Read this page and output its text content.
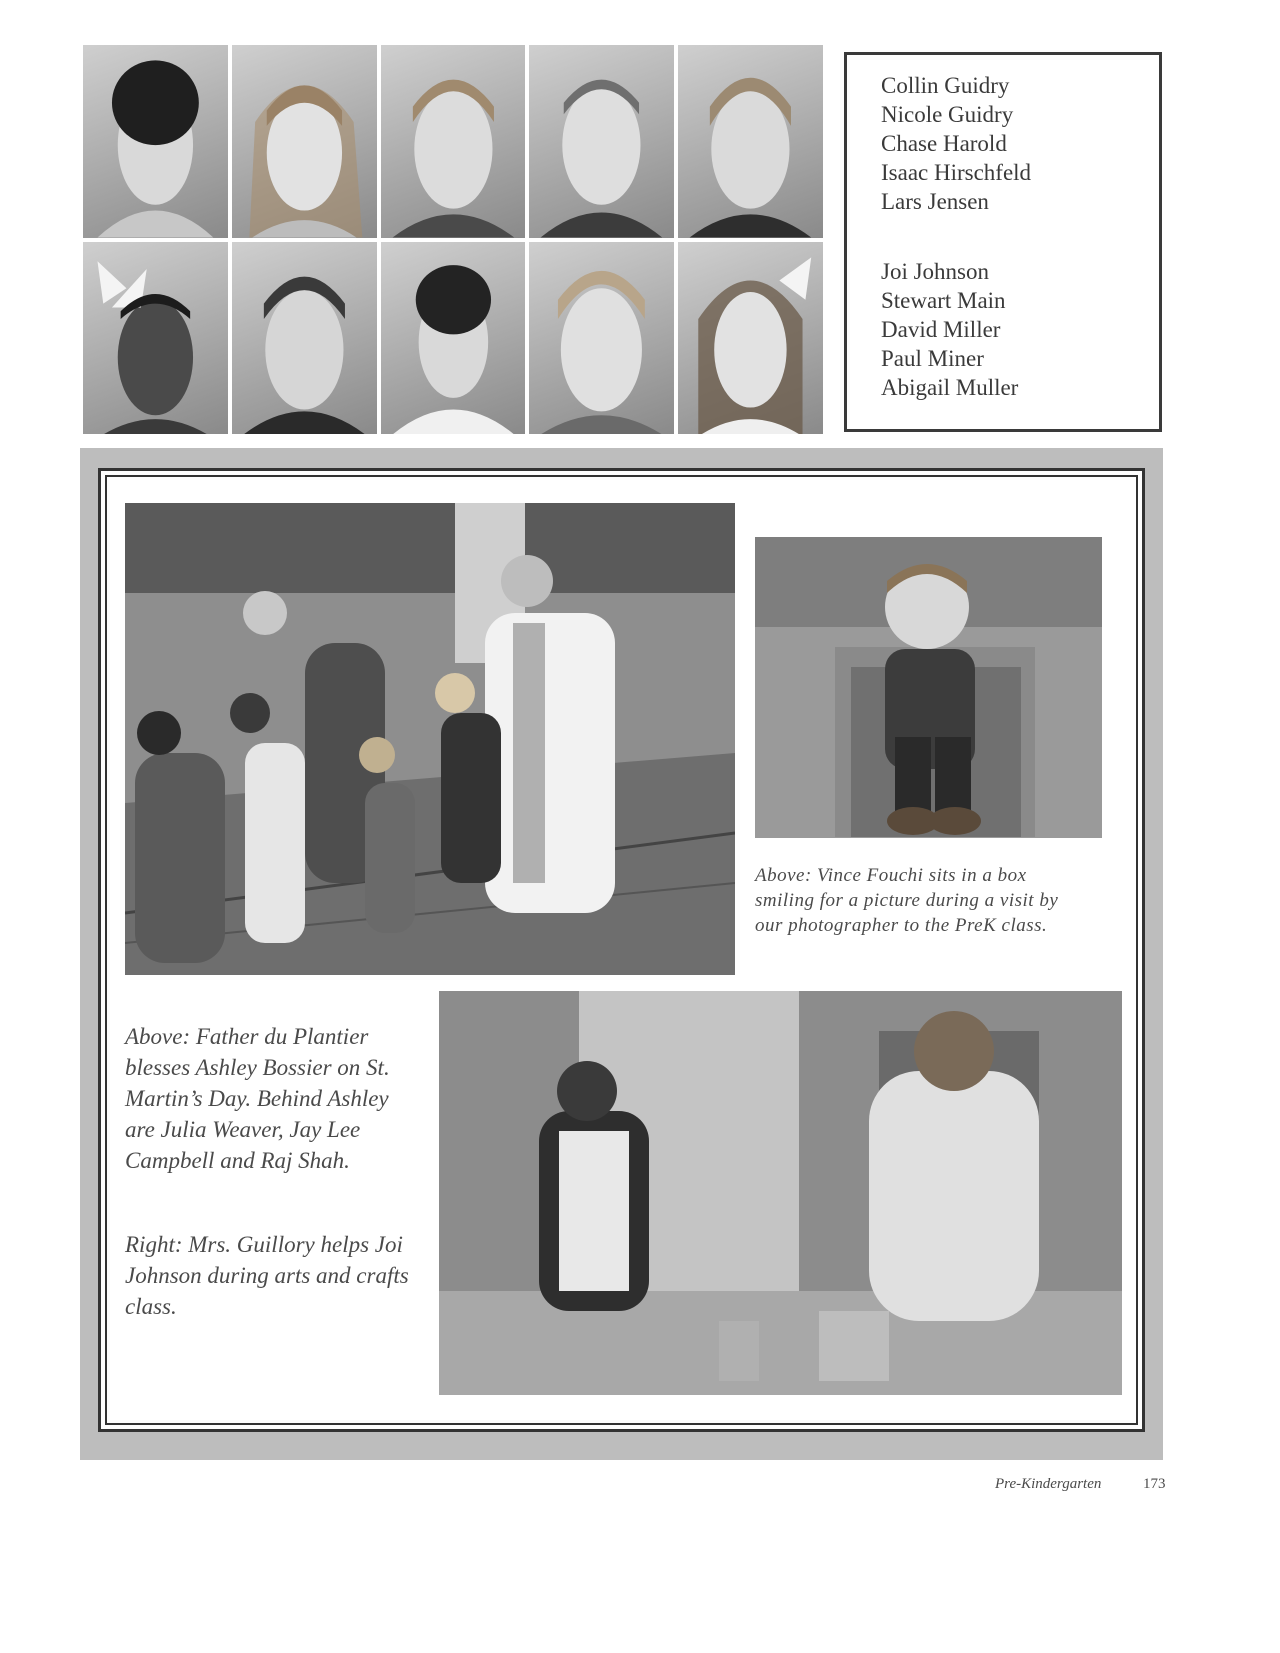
Collin Guidry
Nicole Guidry
Chase Harold
Isaac Hirschfeld
Lars Jensen
Joi Johnson
Stewart Main
David Miller
Paul Miner
Abigail Muller
Above: Vince Fouchi sits in a box smiling for a picture during a visit by our photographer to the PreK class.
Above: Father du Plantier blesses Ashley Bossier on St. Martin’s Day. Behind Ashley are Julia Weaver, Jay Lee Campbell and Raj Shah.
Right: Mrs. Guillory helps Joi Johnson during arts and crafts class.
Pre-Kindergarten	173
